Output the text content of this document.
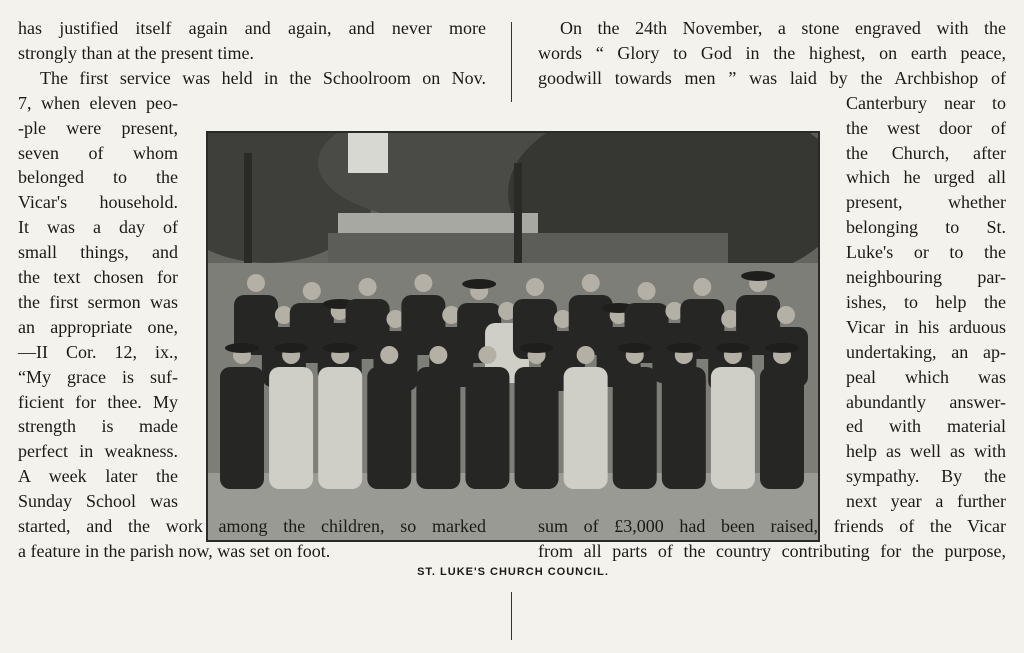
ST. LUKE'S CHURCH COUNCIL.
has justified itself again and again, and never more
strongly than at the present time.
The first service was held in the Schoolroom on Nov.
7, when eleven peo-
-ple were present,
seven of whom
belonged to the
Vicar's household.
It was a day of
small things, and
the text chosen for
the first sermon was
an appropriate one,
—II Cor. 12, ix.,
“My grace is suf-
ficient for thee. My
strength is made
perfect in weakness.
A week later the
Sunday School was
started, and the work among the children, so marked
a feature in the parish now, was set on foot.
On the 24th November, a stone engraved with the
words “ Glory to God in the highest, on earth peace,
goodwill towards men ” was laid by the Archbishop of
Canterbury near to
the west door of
the Church, after
which he urged all
present, whether
belonging to St.
Luke's or to the
neighbouring par-
ishes, to help the
Vicar in his arduous
undertaking, an ap-
peal which was
abundantly answer-
ed with material
help as well as with
sympathy. By the
next year a further
sum of £3,000 had been raised, friends of the Vicar
from all parts of the country contributing for the purpose,
